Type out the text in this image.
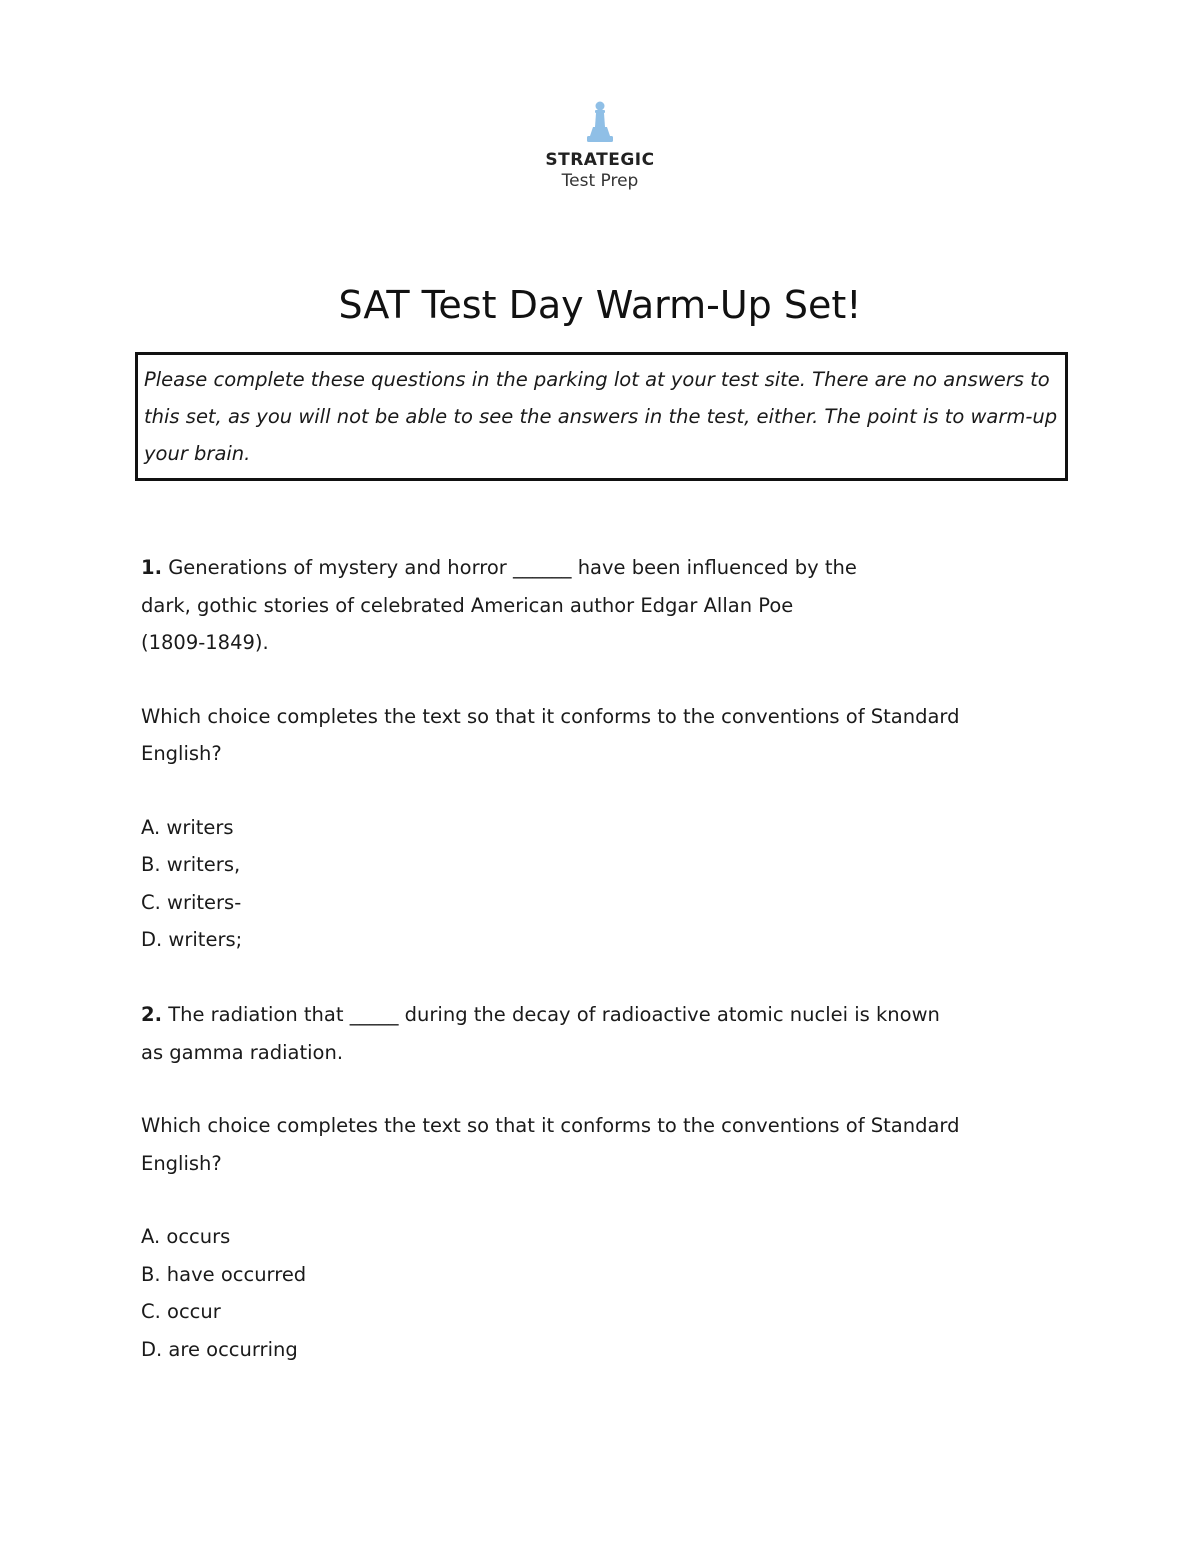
STRATEGIC
Test Prep
SAT Test Day Warm-Up Set!
Please complete these questions in the parking lot at your test site. There are no answers to this set, as you will not be able to see the answers in the test, either. The point is to warm-up your brain.

1. Generations of mystery and horror ______ have been influenced by the

dark, gothic stories of celebrated American author Edgar Allan Poe

(1809-1849).

Which choice completes the text so that it conforms to the conventions of Standard

English?

A. writers
B. writers,
C. writers-
D. writers;

2. The radiation that _____ during the decay of radioactive atomic nuclei is known

as gamma radiation.

Which choice completes the text so that it conforms to the conventions of Standard

English?

A. occurs
B. have occurred
C. occur
D. are occurring
